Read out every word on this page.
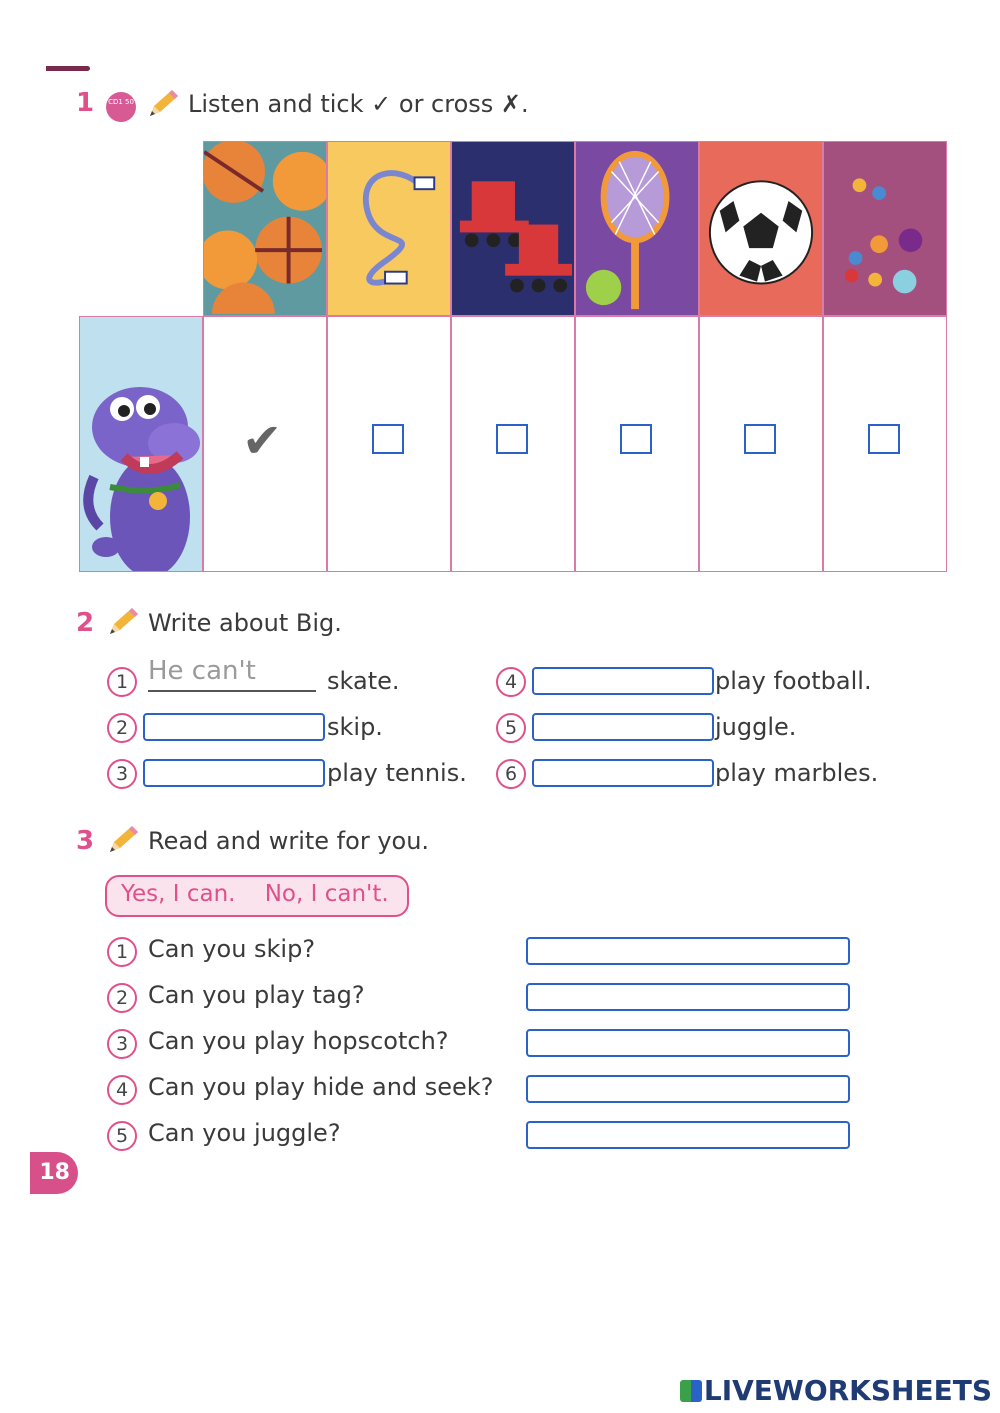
1 CD1 50 Listen and tick ✓ or cross ✗.
✔
2 Write about Big.
1 He can't	skate.
2	skip.
3	play tennis.
4	play football.
5	juggle.
6	play marbles.
3 Read and write for you.
Yes, I can.    No, I can't.
1 Can you skip?
2 Can you play tag?
3 Can you play hopscotch?
4 Can you play hide and seek?
5 Can you juggle?
18
LIVEWORKSHEETS
